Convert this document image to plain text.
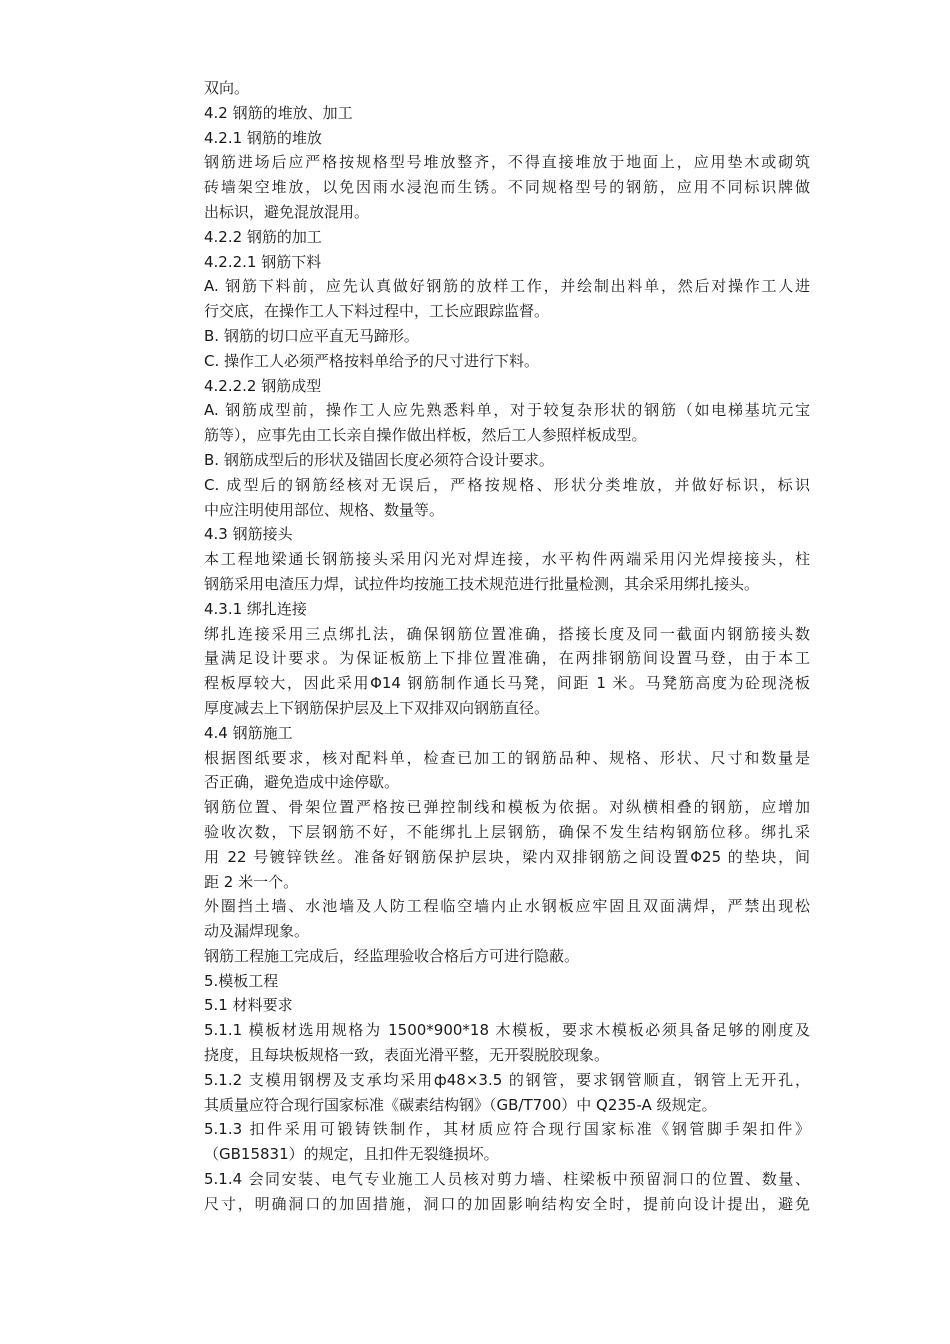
双向。
4.2 钢筋的堆放、加工
4.2.1 钢筋的堆放
钢筋进场后应严格按规格型号堆放整齐，不得直接堆放于地面上，应用垫木或砌筑
砖墙架空堆放，以免因雨水浸泡而生锈。不同规格型号的钢筋，应用不同标识牌做
出标识，避免混放混用。
4.2.2 钢筋的加工
4.2.2.1 钢筋下料
A. 钢筋下料前，应先认真做好钢筋的放样工作，并绘制出料单，然后对操作工人进
行交底，在操作工人下料过程中，工长应跟踪监督。
B. 钢筋的切口应平直无马蹄形。
C. 操作工人必须严格按料单给予的尺寸进行下料。
4.2.2.2 钢筋成型
A. 钢筋成型前，操作工人应先熟悉料单，对于较复杂形状的钢筋（如电梯基坑元宝
筋等），应事先由工长亲自操作做出样板，然后工人参照样板成型。
B. 钢筋成型后的形状及锚固长度必须符合设计要求。
C. 成型后的钢筋经核对无误后，严格按规格、形状分类堆放，并做好标识，标识
中应注明使用部位、规格、数量等。
4.3 钢筋接头
本工程地梁通长钢筋接头采用闪光对焊连接，水平构件两端采用闪光焊接接头，柱
钢筋采用电渣压力焊，试拉件均按施工技术规范进行批量检测，其余采用绑扎接头。
4.3.1 绑扎连接
绑扎连接采用三点绑扎法，确保钢筋位置准确，搭接长度及同一截面内钢筋接头数
量满足设计要求。为保证板筋上下排位置准确，在两排钢筋间设置马登，由于本工
程板厚较大，因此采用Φ14 钢筋制作通长马凳，间距 1 米。马凳筋高度为砼现浇板
厚度减去上下钢筋保护层及上下双排双向钢筋直径。
4.4 钢筋施工
根据图纸要求，核对配料单，检查已加工的钢筋品种、规格、形状、尺寸和数量是
否正确，避免造成中途停歇。
钢筋位置、骨架位置严格按已弹控制线和模板为依据。对纵横相叠的钢筋，应增加
验收次数，下层钢筋不好，不能绑扎上层钢筋，确保不发生结构钢筋位移。绑扎采
用 22 号镀锌铁丝。准备好钢筋保护层块，梁内双排钢筋之间设置Φ25 的垫块，间
距 2 米一个。
外圈挡土墙、水池墙及人防工程临空墙内止水钢板应牢固且双面满焊，严禁出现松
动及漏焊现象。
钢筋工程施工完成后，经监理验收合格后方可进行隐蔽。
5.模板工程
5.1 材料要求
5.1.1 模板材选用规格为 1500*900*18 木模板，要求木模板必须具备足够的刚度及
挠度，且每块板规格一致，表面光滑平整，无开裂脱胶现象。
5.1.2 支模用钢楞及支承均采用ф48×3.5 的钢管，要求钢管顺直，钢管上无开孔，
其质量应符合现行国家标准《碳素结构钢》（GB/T700）中 Q235-A 级规定。
5.1.3 扣件采用可锻铸铁制作，其材质应符合现行国家标准《钢管脚手架扣件》
（GB15831）的规定，且扣件无裂缝损坏。
5.1.4 会同安装、电气专业施工人员核对剪力墙、柱梁板中预留洞口的位置、数量、
尺寸，明确洞口的加固措施，洞口的加固影响结构安全时，提前向设计提出，避免
